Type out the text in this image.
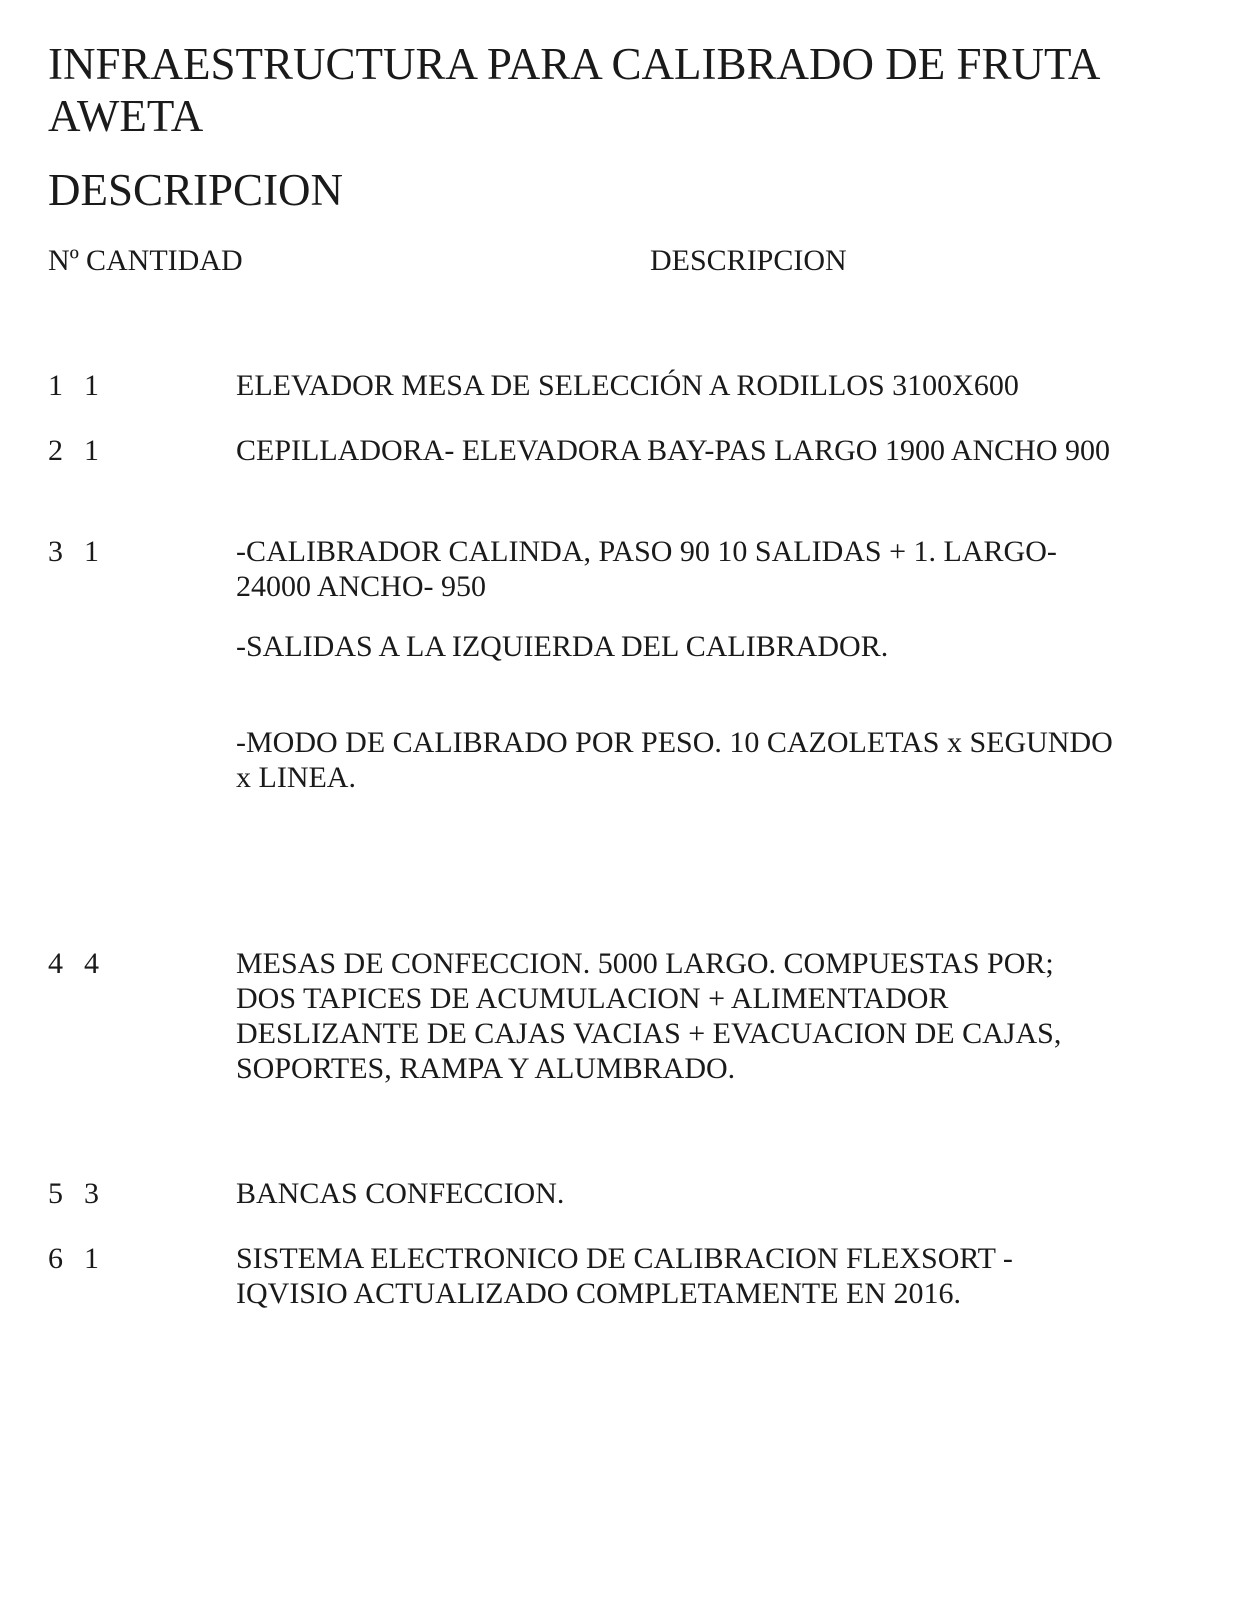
INFRAESTRUCTURA PARA CALIBRADO DE FRUTA AWETA
DESCRIPCION
Nº CANTIDAD	DESCRIPCION
1 1	ELEVADOR MESA DE SELECCIÓN A RODILLOS 3100X600

2 1	CEPILLADORA- ELEVADORA BAY-PAS LARGO 1900 ANCHO 900

3 1	-CALIBRADOR CALINDA, PASO 90 10 SALIDAS + 1. LARGO- 24000 ANCHO- 950

-SALIDAS A LA IZQUIERDA DEL CALIBRADOR.

-MODO DE CALIBRADO POR PESO. 10 CAZOLETAS x SEGUNDO x LINEA.

4 4	MESAS DE CONFECCION. 5000 LARGO. COMPUESTAS POR; DOS TAPICES DE ACUMULACION + ALIMENTADOR DESLIZANTE DE CAJAS VACIAS + EVACUACION DE CAJAS, SOPORTES, RAMPA Y ALUMBRADO.

5 3	BANCAS CONFECCION.

6 1	SISTEMA ELECTRONICO DE CALIBRACION FLEXSORT - IQVISIO ACTUALIZADO COMPLETAMENTE EN 2016.
